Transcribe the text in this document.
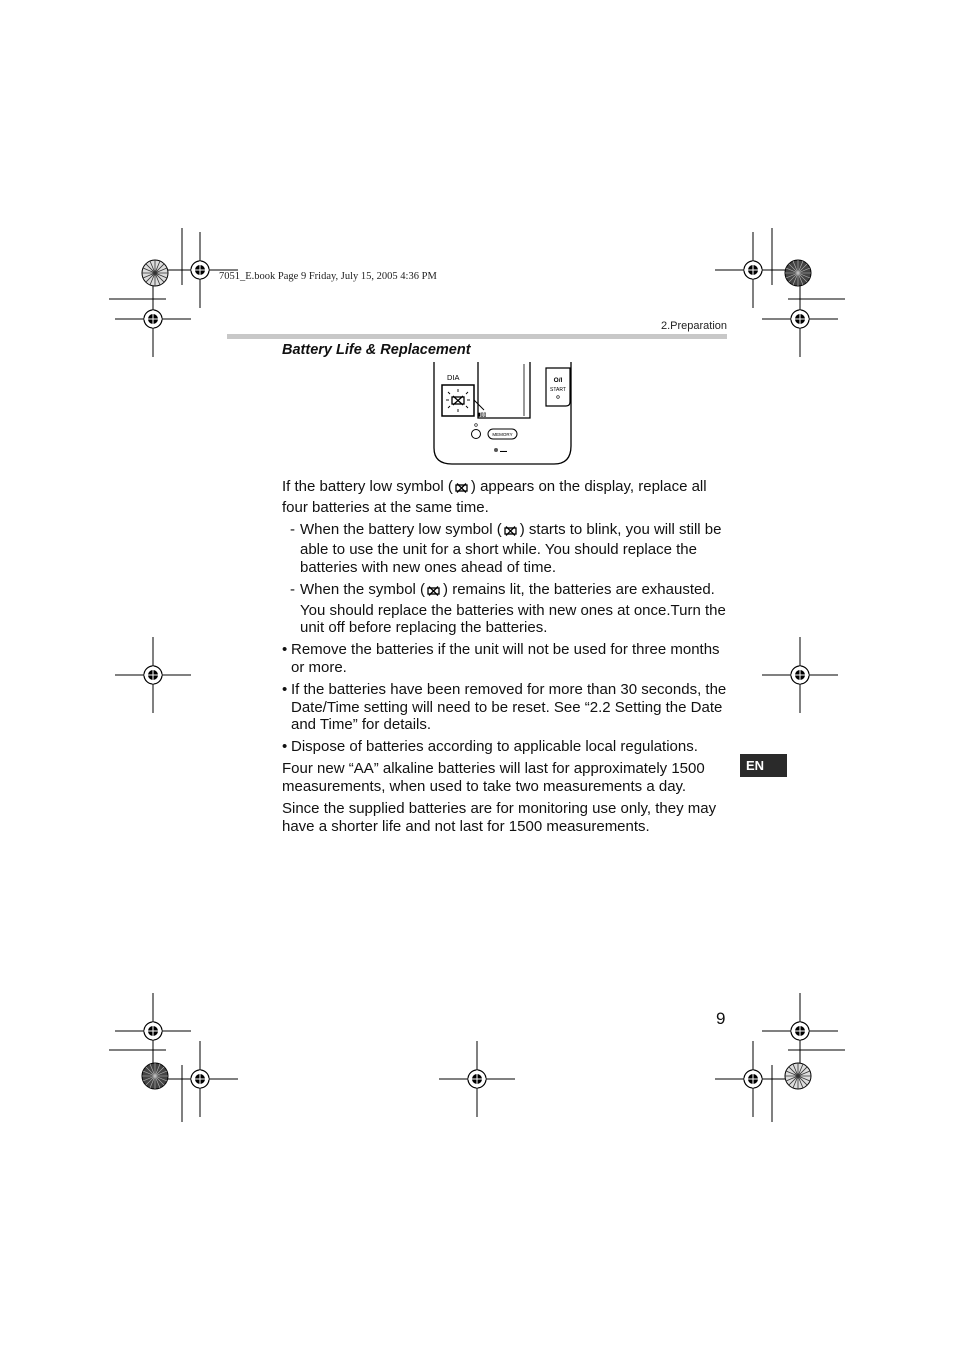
7051_E.book Page 9 Friday, July 15, 2005 4:36 PM
2.Preparation
Battery Life & Replacement
O/I
START
DIA
▮▯▯
MEMORY
▬▬

If the battery low symbol ( ) appears on the display, replace all four batteries at the same time.

- When the battery low symbol ( ) starts to blink, you will still be able to use the unit for a short while. You should replace the batteries with new ones ahead of time.
- When the symbol ( ) remains lit, the batteries are exhausted. You should replace the batteries with new ones at once.Turn the unit off before replacing the batteries.
• Remove the batteries if the unit will not be used for three months or more.
• If the batteries have been removed for more than 30 seconds, the Date/Time setting will need to be reset. See “2.2 Setting the Date and Time” for details.
• Dispose of batteries according to applicable local regulations.

Four new “AA” alkaline batteries will last for approximately 1500 measurements, when used to take two measurements a day.

Since the supplied batteries are for monitoring use only, they may have a shorter life and not last for 1500 measurements.

EN
9
